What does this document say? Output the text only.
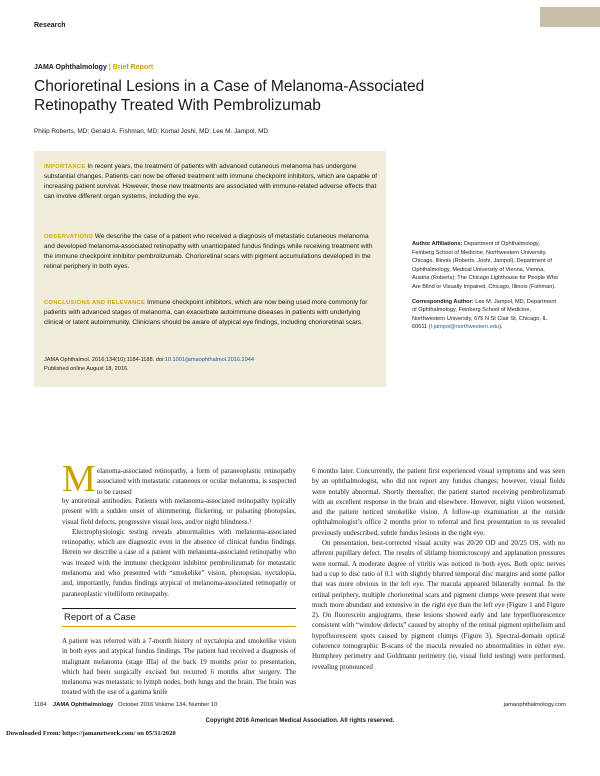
Research
JAMA Ophthalmology | Brief Report
Chorioretinal Lesions in a Case of Melanoma-Associated Retinopathy Treated With Pembrolizumab
Philip Roberts, MD; Gerald A. Fishman, MD; Komal Joshi, MD; Lee M. Jampol, MD
IMPORTANCE In recent years, the treatment of patients with advanced cutaneous melanoma has undergone substantial changes. Patients can now be offered treatment with immune checkpoint inhibitors, which are capable of increasing patient survival. However, these new treatments are associated with immune-related adverse effects that can involve different organ systems, including the eye.
OBSERVATIONS We describe the case of a patient who received a diagnosis of metastatic cutaneous melanoma and developed melanoma-associated retinopathy with unanticipated fundus findings while receiving treatment with the immune checkpoint inhibitor pembrolizumab. Chorioretinal scars with pigment accumulations developed in the retinal periphery in both eyes.
CONCLUSIONS AND RELEVANCE Immune checkpoint inhibitors, which are now being used more commonly for patients with advanced stages of melanoma, can exacerbate autoimmune diseases in patients with underlying clinical or latent autoimmunity. Clinicians should be aware of atypical eye findings, including chorioretinal scars.
JAMA Ophthalmol. 2016;134(10):1184-1188. doi:10.1001/jamaophthalmol.2016.2944
Published online August 18, 2016.
Author Affiliations: Department of Ophthalmology, Feinberg School of Medicine, Northwestern University, Chicago, Illinois (Roberts, Joshi, Jampol); Department of Ophthalmology, Medical University of Vienna, Vienna, Austria (Roberts); The Chicago Lighthouse for People Who Are Blind or Visually Impaired, Chicago, Illinois (Fishman).
Corresponding Author: Lee M. Jampol, MD, Department of Ophthalmology, Feinberg School of Medicine, Northwestern University, 675 N St Clair St, Chicago, IL 60611 (l-jampol@northwestern.edu).
M elanoma-associated retinopathy, a form of paraneoplastic retinopathy associated with metastatic cutaneous or ocular melanoma, is suspected to be caused
by antiretinal antibodies. Patients with melanoma-associated retinopathy typically present with a sudden onset of shimmering, flickering, or pulsating photopsias, visual field defects, progressive visual loss, and/or night blindness.¹
Electrophysiologic testing reveals abnormalities with melanoma-associated retinopathy, which are diagnostic even in the absence of clinical fundus findings. Herein we describe a case of a patient with melanoma-associated retinopathy who was treated with the immune checkpoint inhibitor pembrolizumab for metastatic melanoma and who presented with “smokelike” vision, photopsias, nyctalopia, and, importantly, fundus findings atypical of melanoma-associated retinopathy or paraneoplastic vitelliform retinopathy.
Report of a Case
A patient was referred with a 7-month history of nyctalopia and smokelike vision in both eyes and atypical fundus findings. The patient had received a diagnosis of malignant melanoma (stage IIIa) of the back 19 months prior to presentation, which had been surgically excised but recurred 6 months after surgery. The melanoma was metastatic to lymph nodes, both lungs and the brain. The brain was treated with the use of a gamma knife
6 months later. Concurrently, the patient first experienced visual symptoms and was seen by an ophthalmologist, who did not report any fundus changes; however, visual fields were notably abnormal. Shortly thereafter, the patient started receiving pembrolizumab with an excellent response in the brain and elsewhere. However, night vision worsened, and the patient noticed smokelike vision. A follow-up examination at the outside ophthalmologist’s office 2 months prior to referral and first presentation to us revealed previously undescribed, subtle fundus lesions in the right eye.
On presentation, best-corrected visual acuity was 20/20 OD and 20/25 OS, with no afferent pupillary defect. The results of slitlamp biomicroscopy and applanation pressures were normal. A moderate degree of vitritis was noticed in both eyes. Both optic nerves had a cup to disc ratio of 0.1 with slightly blurred temporal disc margins and some pallor that was more obvious in the left eye. The macula appeared bilaterally normal. In the retinal periphery, multiple chorioretinal scars and pigment clumps were present that were much more abundant and extensive in the right eye than the left eye (Figure 1 and Figure 2). On fluorescein angiograms, these lesions showed early and late hyperfluorescence consistent with “window defects” caused by atrophy of the retinal pigment epithelium and hypofluorescent spots caused by pigment clumps (Figure 3). Spectral-domain optical coherence tomographic B-scans of the macula revealed no abnormalities in either eye. Humphrey perimetry and Goldmann perimetry (ie, visual field testing) were performed, revealing pronounced
1184 JAMA Ophthalmology October 2016 Volume 134, Number 10	jamaophthalmology.com
Copyright 2016 American Medical Association. All rights reserved.
Downloaded From: https://jamanetwork.com/ on 05/31/2020
